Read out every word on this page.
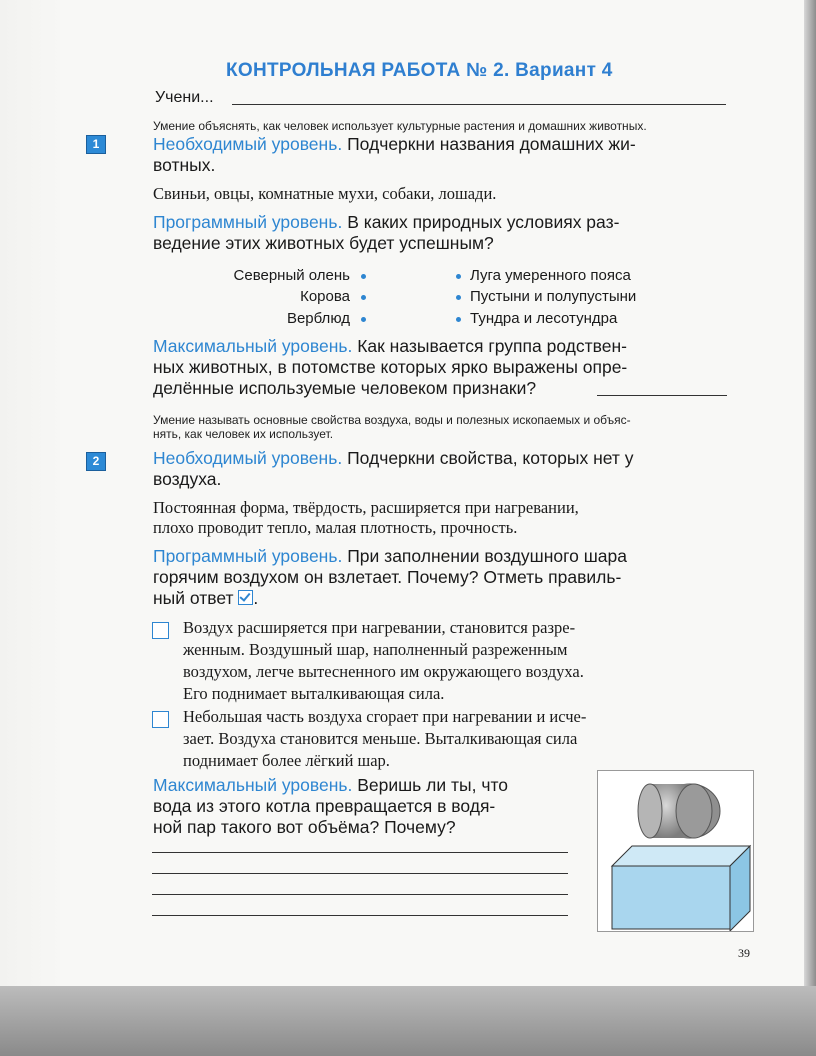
КОНТРОЛЬНАЯ РАБОТА № 2. Вариант 4
Учени...
Умение объяснять, как человек использует культурные растения и домашних животных.
1	Необходимый уровень. Подчеркни названия домашних жи-
вотных.
Свиньи, овцы, комнатные мухи, собаки, лошади.
Программный уровень. В каких природных условиях раз-
ведение этих животных будет успешным?
Северный олень
Корова
Верблюд
Луга умеренного пояса
Пустыни и полупустыни
Тундра и лесотундра
Максимальный уровень. Как называется группа родствен-
ных животных, в потомстве которых ярко выражены опре-
делённые используемые человеком признаки?
Умение называть основные свойства воздуха, воды и полезных ископаемых и объяс-
нять, как человек их использует.
2	Необходимый уровень. Подчеркни свойства, которых нет у
воздуха.
Постоянная форма, твёрдость, расширяется при нагревании,
плохо проводит тепло, малая плотность, прочность.
Программный уровень. При заполнении воздушного шара
горячим воздухом он взлетает. Почему? Отметь правиль-
ный ответ .
Воздух расширяется при нагревании, становится разре-
женным. Воздушный шар, наполненный разреженным
воздухом, легче вытесненного им окружающего воздуха.
Его поднимает выталкивающая сила.
Небольшая часть воздуха сгорает при нагревании и исче-
зает. Воздуха становится меньше. Выталкивающая сила
поднимает более лёгкий шар.
Максимальный уровень. Веришь ли ты, что
вода из этого котла превращается в водя-
ной пар такого вот объёма? Почему?
39
